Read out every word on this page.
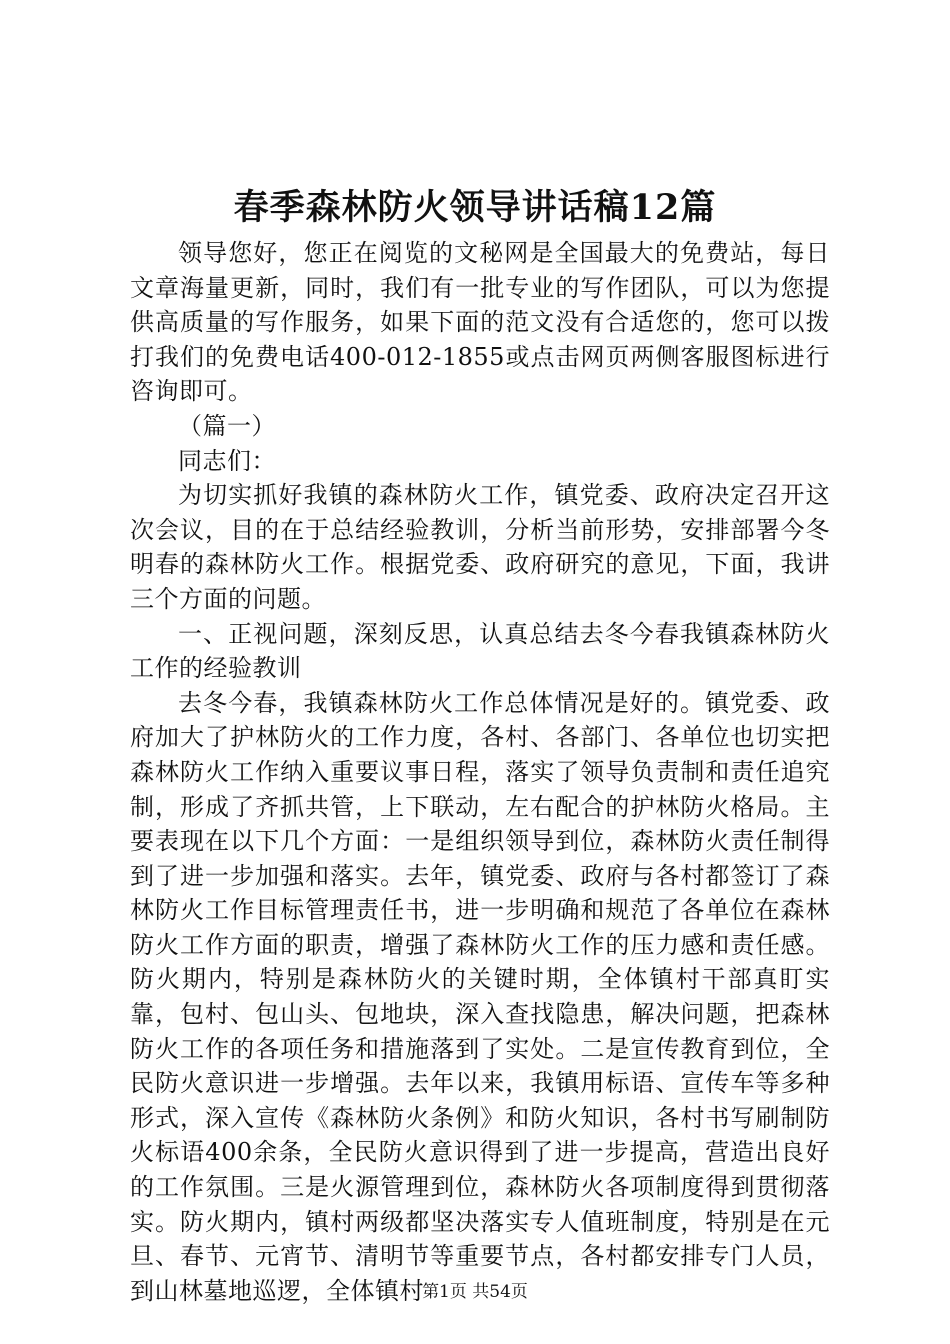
春季森林防火领导讲话稿12篇

领导您好，您正在阅览的文秘网是全国最大的免费站，每日文章海量更新，同时，我们有一批专业的写作团队，可以为您提供高质量的写作服务，如果下面的范文没有合适您的，您可以拨打我们的免费电话400-012-1855或点击网页两侧客服图标进行咨询即可。

（篇一）

同志们：

为切实抓好我镇的森林防火工作，镇党委、政府决定召开这次会议，目的在于总结经验教训，分析当前形势，安排部署今冬明春的森林防火工作。根据党委、政府研究的意见，下面，我讲三个方面的问题。

一、正视问题，深刻反思，认真总结去冬今春我镇森林防火工作的经验教训

去冬今春，我镇森林防火工作总体情况是好的。镇党委、政府加大了护林防火的工作力度，各村、各部门、各单位也切实把森林防火工作纳入重要议事日程，落实了领导负责制和责任追究制，形成了齐抓共管，上下联动，左右配合的护林防火格局。主要表现在以下几个方面：一是组织领导到位，森林防火责任制得到了进一步加强和落实。去年，镇党委、政府与各村都签订了森林防火工作目标管理责任书，进一步明确和规范了各单位在森林防火工作方面的职责，增强了森林防火工作的压力感和责任感。防火期内，特别是森林防火的关键时期，全体镇村干部真盯实靠，包村、包山头、包地块，深入查找隐患，解决问题，把森林防火工作的各项任务和措施落到了实处。二是宣传教育到位，全民防火意识进一步增强。去年以来，我镇用标语、宣传车等多种形式，深入宣传《森林防火条例》和防火知识，各村书写刷制防火标语400余条，全民防火意识得到了进一步提高，营造出良好的工作氛围。三是火源管理到位，森林防火各项制度得到贯彻落实。防火期内，镇村两级都坚决落实专人值班制度，特别是在元旦、春节、元宵节、清明节等重要节点，各村都安排专门人员，到山林墓地巡逻，全体镇村

第1页 共54页
